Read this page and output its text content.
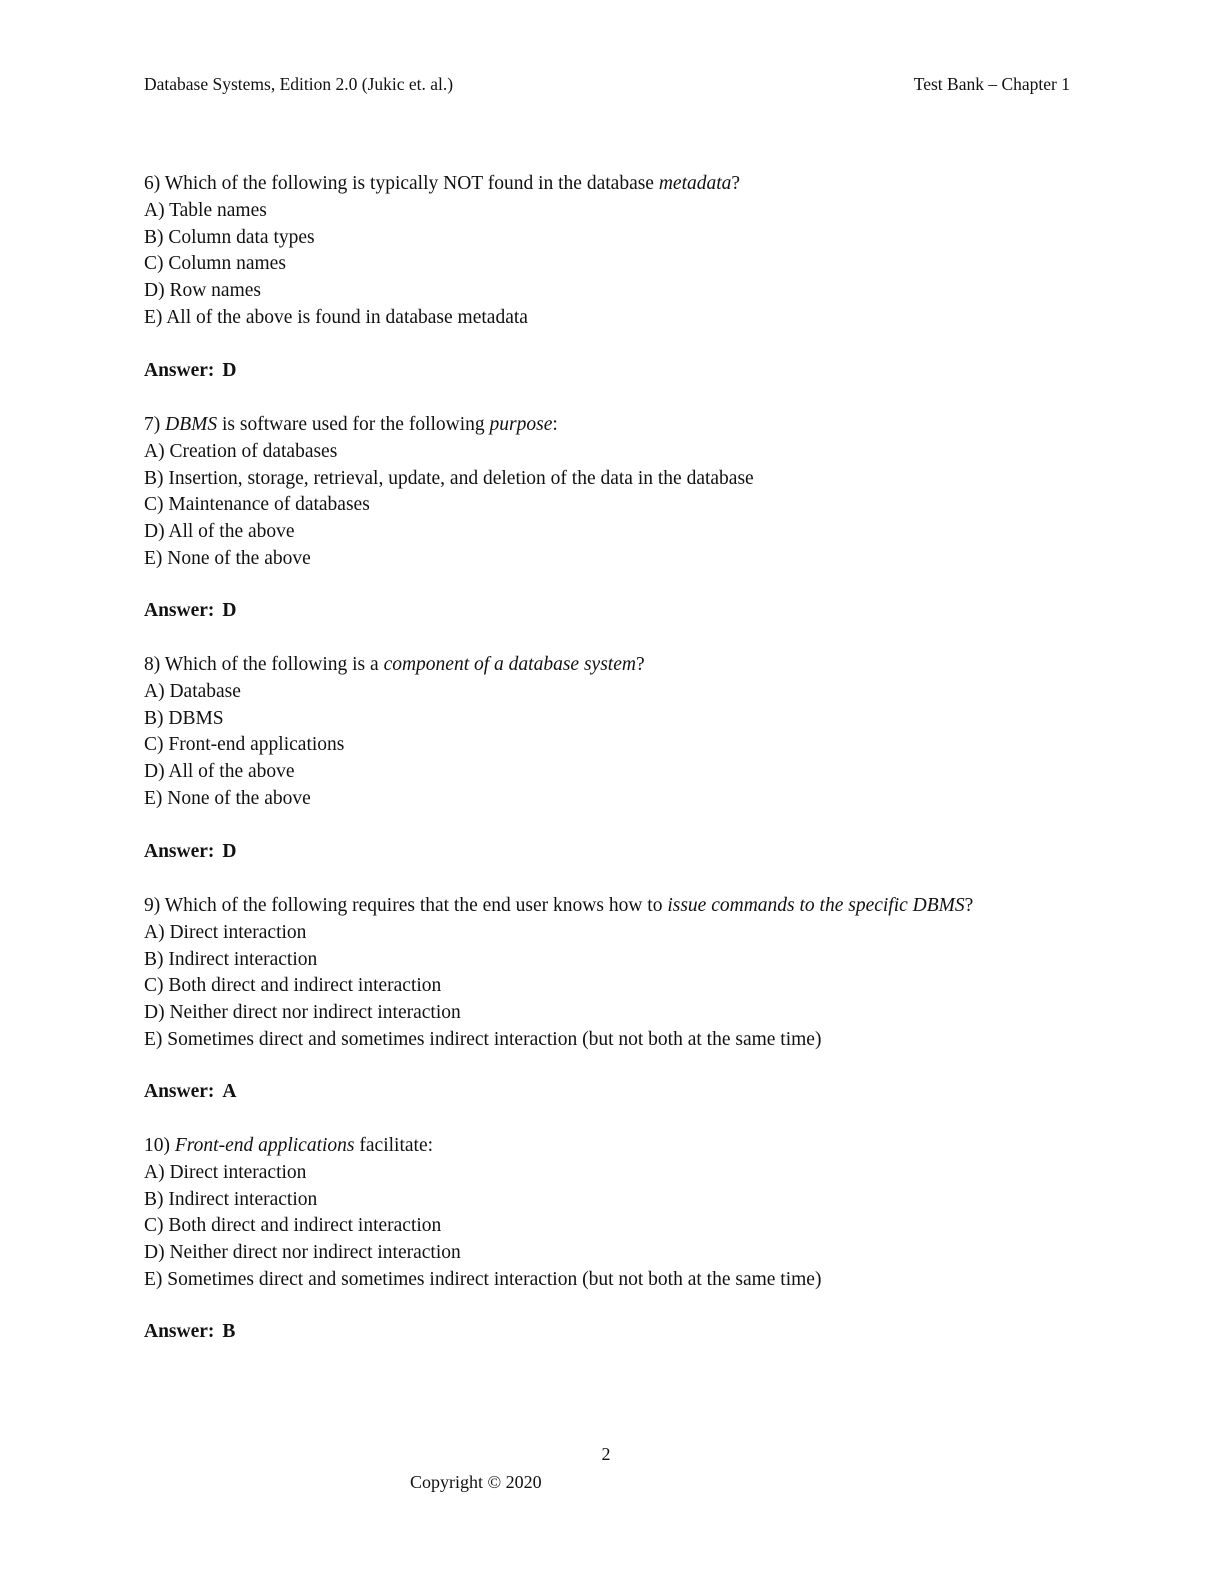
Database Systems, Edition 2.0 (Jukic et. al.)	Test Bank – Chapter 1
6) Which of the following is typically NOT found in the database metadata?
A) Table names
B) Column data types
C) Column names
D) Row names
E) All of the above is found in database metadata
Answer: D
7) DBMS is software used for the following purpose:
A) Creation of databases
B) Insertion, storage, retrieval, update, and deletion of the data in the database
C) Maintenance of databases
D) All of the above
E) None of the above
Answer: D
8) Which of the following is a component of a database system?
A) Database
B) DBMS
C) Front-end applications
D) All of the above
E) None of the above
Answer: D
9) Which of the following requires that the end user knows how to issue commands to the specific DBMS?
A) Direct interaction
B) Indirect interaction
C) Both direct and indirect interaction
D) Neither direct nor indirect interaction
E) Sometimes direct and sometimes indirect interaction (but not both at the same time)
Answer: A
10) Front-end applications facilitate:
A) Direct interaction
B) Indirect interaction
C) Both direct and indirect interaction
D) Neither direct nor indirect interaction
E) Sometimes direct and sometimes indirect interaction (but not both at the same time)
Answer: B
2
Copyright © 2020
